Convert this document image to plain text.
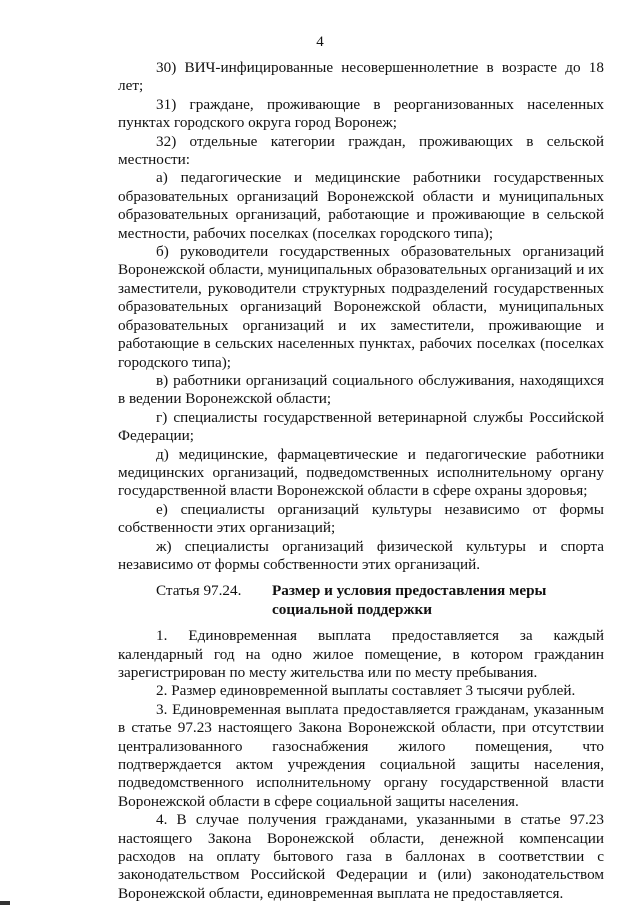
4

30) ВИЧ-инфицированные несовершеннолетние в возрасте до 18 лет;

31) граждане, проживающие в реорганизованных населенных пунктах городского округа город Воронеж;

32) отдельные категории граждан, проживающих в сельской местности:

а) педагогические и медицинские работники государственных образовательных организаций Воронежской области и муниципальных образовательных организаций, работающие и проживающие в сельской местности, рабочих поселках (поселках городского типа);

б) руководители государственных образовательных организаций Воронежской области, муниципальных образовательных организаций и их заместители, руководители структурных подразделений государственных образовательных организаций Воронежской области, муниципальных образовательных организаций и их заместители, проживающие и работающие в сельских населенных пунктах, рабочих поселках (поселках городского типа);

в) работники организаций социального обслуживания, находящихся в ведении Воронежской области;

г) специалисты государственной ветеринарной службы Российской Федерации;

д) медицинские, фармацевтические и педагогические работники медицинских организаций, подведомственных исполнительному органу государственной власти Воронежской области в сфере охраны здоровья;

е) специалисты организаций культуры независимо от формы собственности этих организаций;

ж) специалисты организаций физической культуры и спорта независимо от формы собственности этих организаций.

Статья 97.24. Размер и условия предоставления меры социальной поддержки

1. Единовременная выплата предоставляется за каждый календарный год на одно жилое помещение, в котором гражданин зарегистрирован по месту жительства или по месту пребывания.

2. Размер единовременной выплаты составляет 3 тысячи рублей.

3. Единовременная выплата предоставляется гражданам, указанным в статье 97.23 настоящего Закона Воронежской области, при отсутствии централизованного газоснабжения жилого помещения, что подтверждается актом учреждения социальной защиты населения, подведомственного исполнительному органу государственной власти Воронежской области в сфере социальной защиты населения.

4. В случае получения гражданами, указанными в статье 97.23 настоящего Закона Воронежской области, денежной компенсации расходов на оплату бытового газа в баллонах в соответствии с законодательством Российской Федерации и (или) законодательством Воронежской области, единовременная выплата не предоставляется.
